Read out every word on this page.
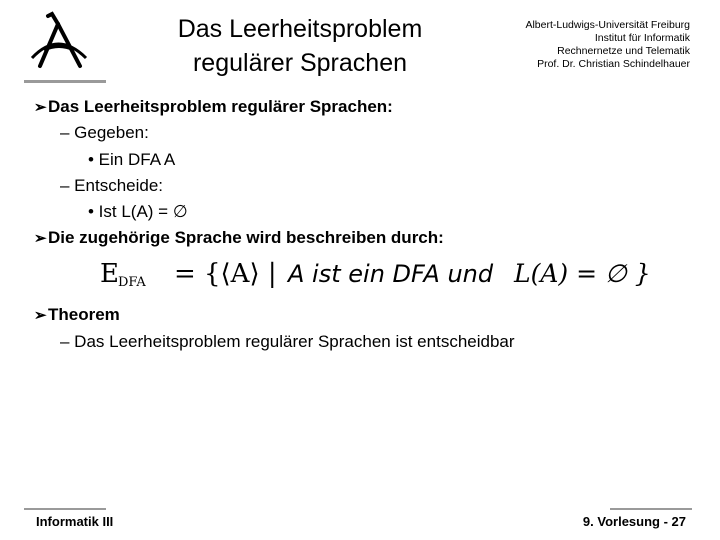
Das Leerheitsproblem
regulärer Sprachen
Albert-Ludwigs-Universität Freiburg
Institut für Informatik
Rechnernetze und Telematik
Prof. Dr. Christian Schindelhauer
➢Das Leerheitsproblem regulärer Sprachen:
– Gegeben:
• Ein DFA A
– Entscheide:
• Ist L(A) = ∅
➢Die zugehörige Sprache wird beschreiben durch:
E DFA = {⟨A⟩ | A ist ein DFA und L(A) = ∅ }
➢Theorem
– Das Leerheitsproblem regulärer Sprachen ist entscheidbar
Informatik III	9. Vorlesung - 27
